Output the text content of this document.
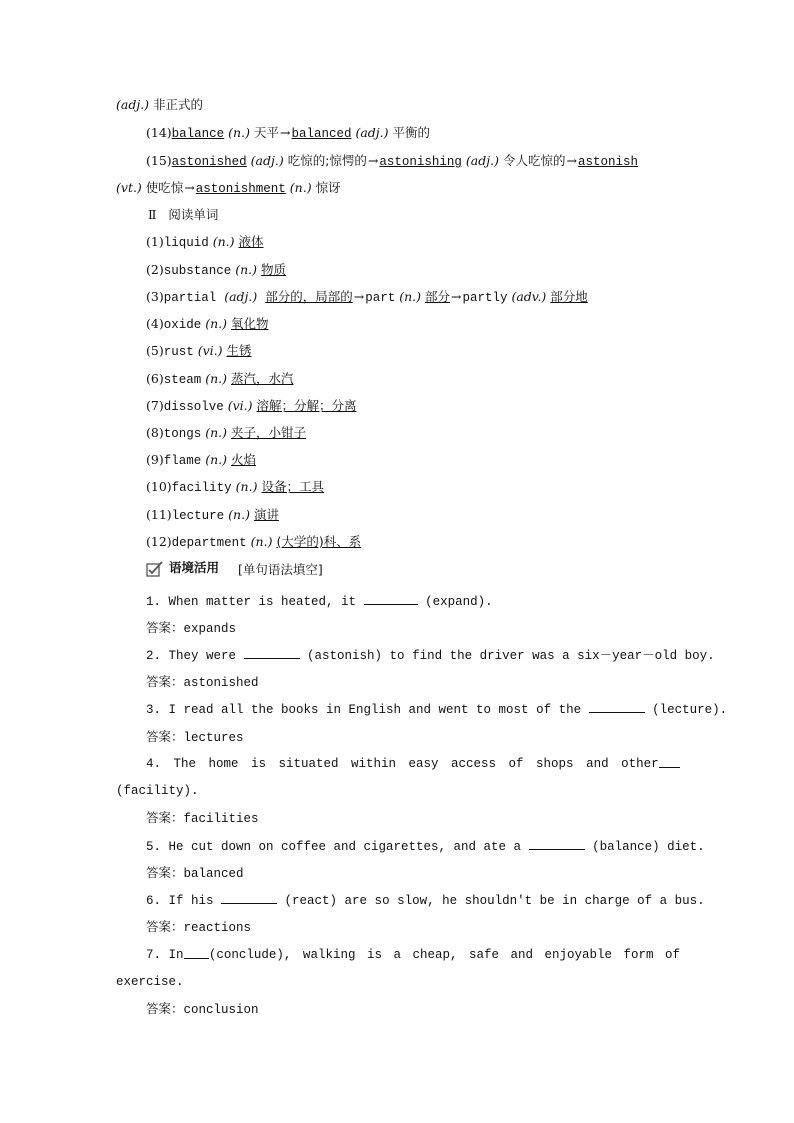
(adj.) 非正式的
(14)balance (n.) 天平→balanced (adj.) 平衡的
(15)astonished (adj.) 吃惊的;惊愕的→astonishing (adj.) 令人吃惊的→astonish
(vt.) 使吃惊→astonishment (n.) 惊讶
Ⅱ 阅读单词
(1)liquid (n.) 液体
(2)substance (n.) 物质
(3)partial (adj.) 部分的，局部的→part (n.) 部分→partly (adv.) 部分地
(4)oxide (n.) 氧化物
(5)rust (vi.) 生锈
(6)steam (n.) 蒸汽，水汽
(7)dissolve (vi.) 溶解；分解；分离
(8)tongs (n.) 夹子，小钳子
(9)flame (n.) 火焰
(10)facility (n.) 设备；工具
(11)lecture (n.) 演讲
(12)department (n.) (大学的)科、系
语境活用 [单句语法填空]
1. When matter is heated, it	(expand).
答案：expands
2. They were	(astonish) to find the driver was a six－year－old boy.
答案：astonished
3. I read all the books in English and went to most of the	(lecture).
答案：lectures
4. The home is situated within easy access of shops and other
(facility).
答案：facilities
5. He cut down on coffee and cigarettes, and ate a	(balance) diet.
答案：balanced
6. If his	(react) are so slow, he shouldn't be in charge of a bus.
答案：reactions
7. In (conclude), walking is a cheap, safe and enjoyable form of
exercise.
答案：conclusion
